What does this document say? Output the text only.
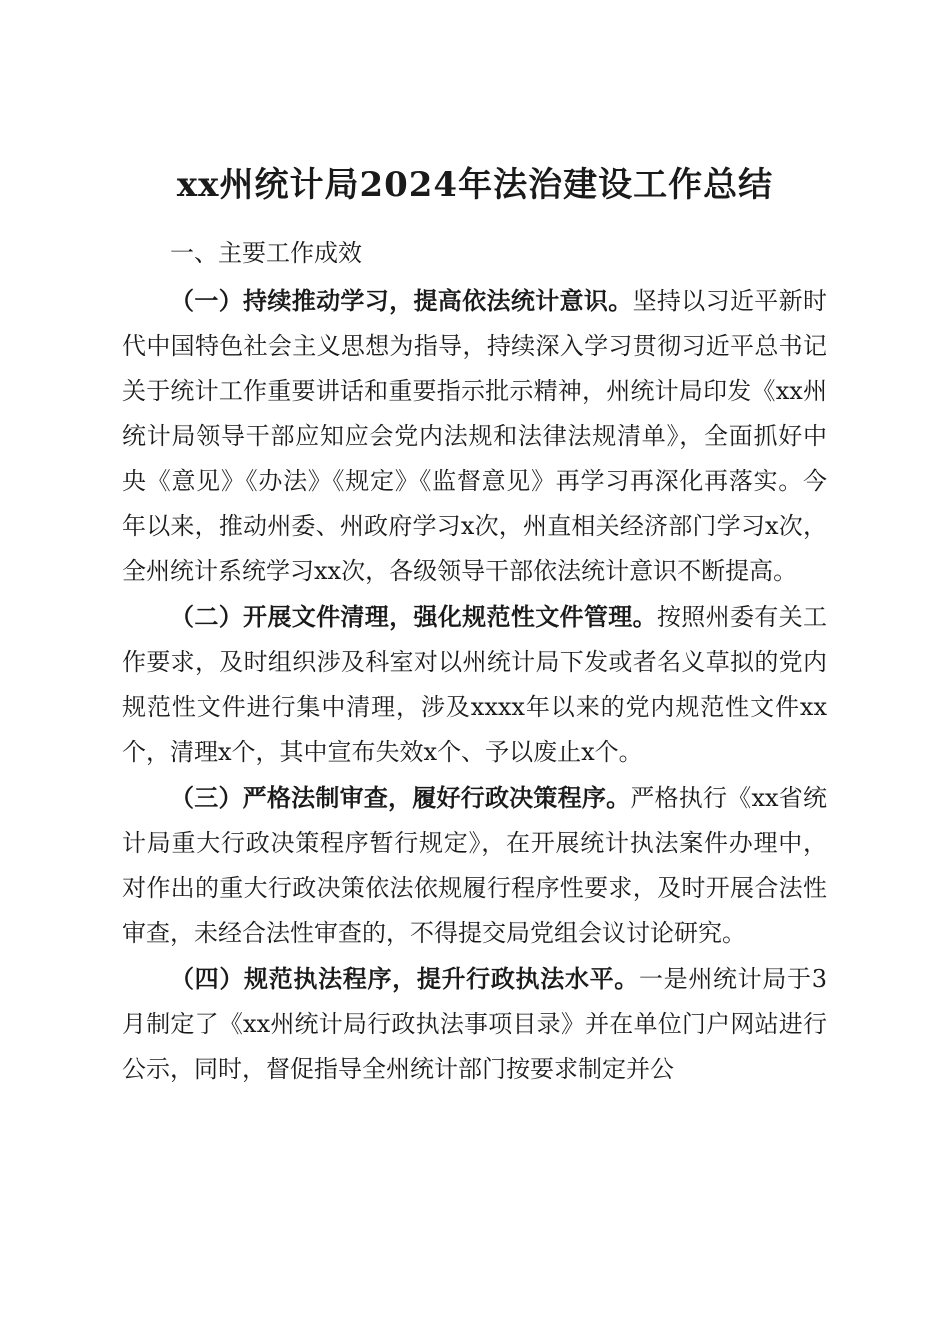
xx州统计局2024年法治建设工作总结
一、主要工作成效

（一）持续推动学习，提高依法统计意识。坚持以习近平新时代中国特色社会主义思想为指导，持续深入学习贯彻习近平总书记关于统计工作重要讲话和重要指示批示精神，州统计局印发《xx州统计局领导干部应知应会党内法规和法律法规清单》，全面抓好中央《意见》《办法》《规定》《监督意见》再学习再深化再落实。今年以来，推动州委、州政府学习x次，州直相关经济部门学习x次，全州统计系统学习xx次，各级领导干部依法统计意识不断提高。

（二）开展文件清理，强化规范性文件管理。按照州委有关工作要求，及时组织涉及科室对以州统计局下发或者名义草拟的党内规范性文件进行集中清理，涉及xxxx年以来的党内规范性文件xx个，清理x个，其中宣布失效x个、予以废止x个。

（三）严格法制审查，履好行政决策程序。严格执行《xx省统计局重大行政决策程序暂行规定》，在开展统计执法案件办理中，对作出的重大行政决策依法依规履行程序性要求，及时开展合法性审查，未经合法性审查的，不得提交局党组会议讨论研究。

（四）规范执法程序，提升行政执法水平。一是州统计局于3月制定了《xx州统计局行政执法事项目录》并在单位门户网站进行公示，同时，督促指导全州统计部门按要求制定并公
